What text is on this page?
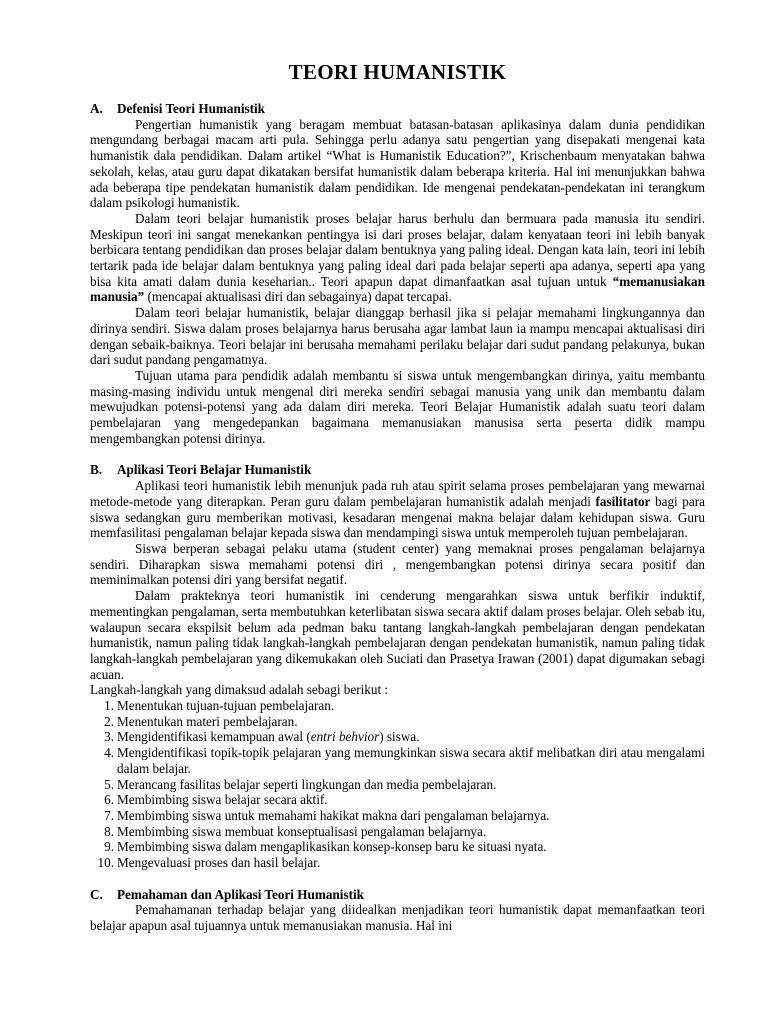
TEORI HUMANISTIK
A. Defenisi Teori Humanistik

Pengertian humanistik yang beragam membuat batasan-batasan aplikasinya dalam dunia pendidikan mengundang berbagai macam arti pula. Sehingga perlu adanya satu pengertian yang disepakati mengenai kata humanistik dala pendidikan. Dalam artikel “What is Humanistik Education?”, Krischenbaum menyatakan bahwa sekolah, kelas, atau guru dapat dikatakan bersifat humanistik dalam beberapa kriteria. Hal ini menunjukkan bahwa ada beberapa tipe pendekatan humanistik dalam pendidikan. Ide mengenai pendekatan-pendekatan ini terangkum dalam psikologi humanistik.

Dalam teori belajar humanistik proses belajar harus berhulu dan bermuara pada manusia itu sendiri. Meskipun teori ini sangat menekankan pentingya isi dari proses belajar, dalam kenyataan teori ini lebih banyak berbicara tentang pendidikan dan proses belajar dalam bentuknya yang paling ideal. Dengan kata lain, teori ini lebih tertarik pada ide belajar dalam bentuknya yang paling ideal dari pada belajar seperti apa adanya, seperti apa yang bisa kita amati dalam dunia keseharian.. Teori apapun dapat dimanfaatkan asal tujuan untuk “memanusiakan manusia” (mencapai aktualisasi diri dan sebagainya) dapat tercapai.

Dalam teori belajar humanistik, belajar dianggap berhasil jika si pelajar memahami lingkungannya dan dirinya sendiri. Siswa dalam proses belajarnya harus berusaha agar lambat laun ia mampu mencapai aktualisasi diri dengan sebaik-baiknya. Teori belajar ini berusaha memahami perilaku belajar dari sudut pandang pelakunya, bukan dari sudut pandang pengamatnya.

Tujuan utama para pendidik adalah membantu si siswa untuk mengembangkan dirinya, yaitu membantu masing-masing individu untuk mengenal diri mereka sendiri sebagai manusia yang unik dan membantu dalam mewujudkan potensi-potensi yang ada dalam diri mereka. Teori Belajar Humanistik adalah suatu teori dalam pembelajaran yang mengedepankan bagaimana memanusiakan manusisa serta peserta didik mampu mengembangkan potensi dirinya.

B. Aplikasi Teori Belajar Humanistik

Aplikasi teori humanistik lebih menunjuk pada ruh atau spirit selama proses pembelajaran yang mewarnai metode-metode yang diterapkan. Peran guru dalam pembelajaran humanistik adalah menjadi fasilitator bagi para siswa sedangkan guru memberikan motivasi, kesadaran mengenai makna belajar dalam kehidupan siswa. Guru memfasilitasi pengalaman belajar kepada siswa dan mendampingi siswa untuk memperoleh tujuan pembelajaran.

Siswa berperan sebagai pelaku utama (student center) yang memaknai proses pengalaman belajarnya sendiri. Diharapkan siswa memahami potensi diri , mengembangkan potensi dirinya secara positif dan meminimalkan potensi diri yang bersifat negatif.

Dalam prakteknya teori humanistik ini cenderung mengarahkan siswa untuk berfikir induktif, mementingkan pengalaman, serta membutuhkan keterlibatan siswa secara aktif dalam proses belajar. Oleh sebab itu, walaupun secara ekspilsit belum ada pedman baku tantang langkah-langkah pembelajaran dengan pendekatan humanistik, namun paling tidak langkah-langkah pembelajaran dengan pendekatan humanistik, namun paling tidak langkah-langkah pembelajaran yang dikemukakan oleh Suciati dan Prasetya Irawan (2001) dapat digumakan sebagi acuan.

Langkah-langkah yang dimaksud adalah sebagi berikut :

1. Menentukan tujuan-tujuan pembelajaran.
2. Menentukan materi pembelajaran.
3. Mengidentifikasi kemampuan awal (entri behvior) siswa.
4. Mengidentifikasi topik-topik pelajaran yang memungkinkan siswa secara aktif melibatkan diri atau mengalami dalam belajar.
5. Merancang fasilitas belajar seperti lingkungan dan media pembelajaran.
6. Membimbing siswa belajar secara aktif.
7. Membimbing siswa untuk memahami hakikat makna dari pengalaman belajarnya.
8. Membimbing siswa membuat konseptualisasi pengalaman belajarnya.
9. Membimbing siswa dalam mengaplikasikan konsep-konsep baru ke situasi nyata.
10. Mengevaluasi proses dan hasil belajar.
C. Pemahaman dan Aplikasi Teori Humanistik

Pemahamanan terhadap belajar yang diidealkan menjadikan teori humanistik dapat memanfaatkan teori belajar apapun asal tujuannya untuk memanusiakan manusia. Hal ini
